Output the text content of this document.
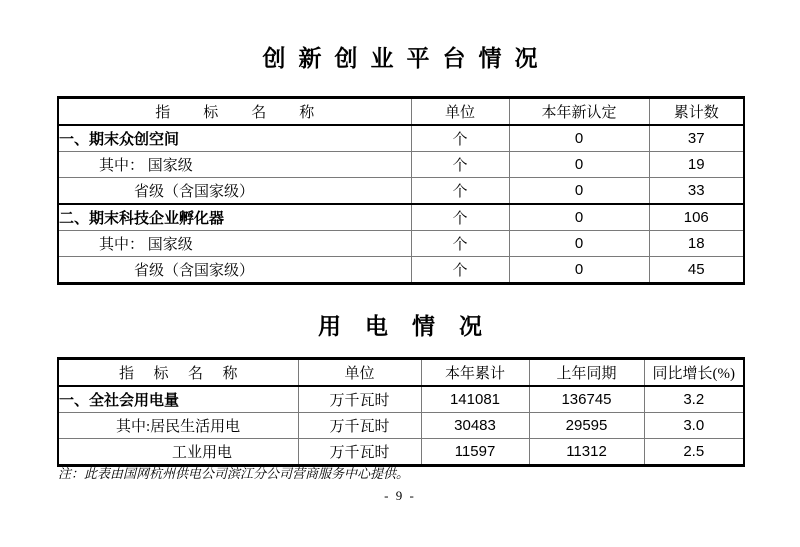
创新创业平台情况
指标名称	单位	本年新认定	累计数
一、期末众创空间	个	0	37
其中： 国家级	个	0	19
省级（含国家级）	个	0	33
二、期末科技企业孵化器	个	0	106
其中： 国家级	个	0	18
省级（含国家级）	个	0	45
用电情况
指标名称	单位	本年累计	上年同期	同比增长(%)
一、全社会用电量	万千瓦时	141081	136745	3.2
其中:居民生活用电	万千瓦时	30483	29595	3.0
工业用电	万千瓦时	11597	11312	2.5
注：此表由国网杭州供电公司滨江分公司营商服务中心提供。
- 9 -
